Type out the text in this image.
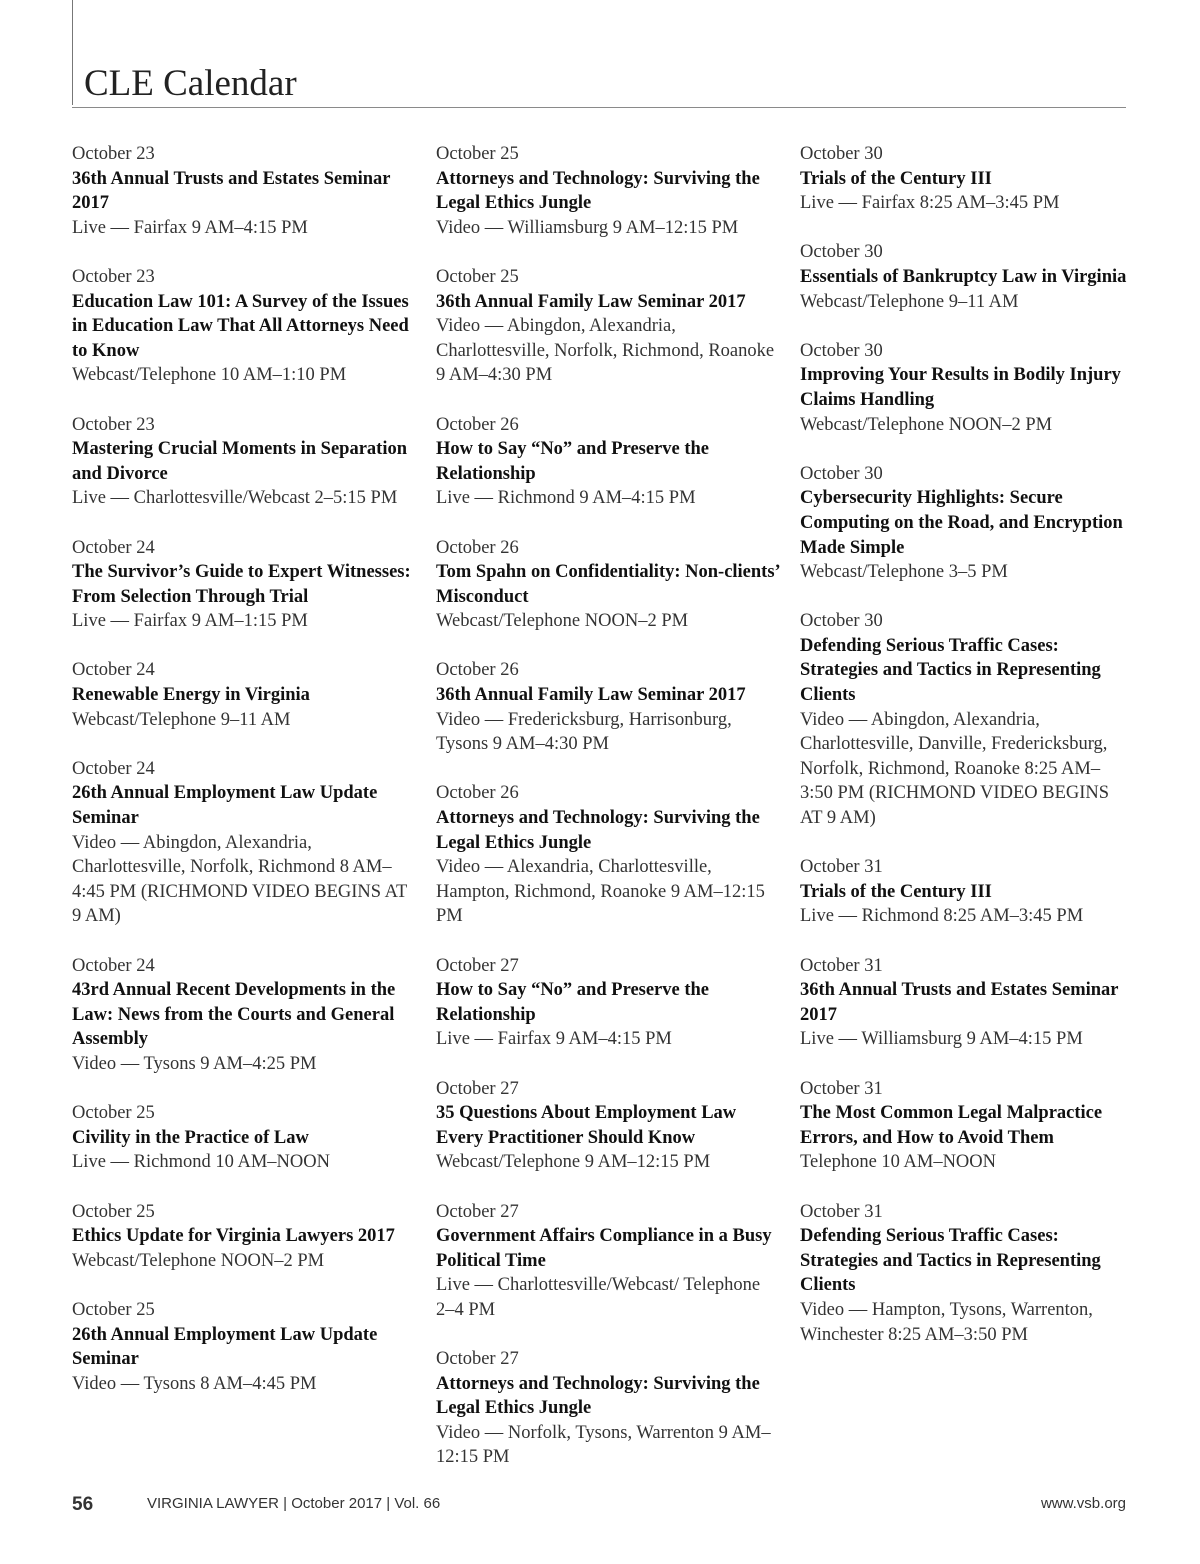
CLE Calendar
October 23
36th Annual Trusts and Estates Seminar 2017
Live — Fairfax 9 AM–4:15 PM
October 23
Education Law 101: A Survey of the Issues in Education Law That All Attorneys Need to Know
Webcast/Telephone 10 AM–1:10 PM
October 23
Mastering Crucial Moments in Separation and Divorce
Live — Charlottesville/Webcast 2–5:15 PM
October 24
The Survivor’s Guide to Expert Witnesses: From Selection Through Trial
Live — Fairfax 9 AM–1:15 PM
October 24
Renewable Energy in Virginia
Webcast/Telephone 9–11 AM
October 24
26th Annual Employment Law Update Seminar
Video — Abingdon, Alexandria, Charlottesville, Norfolk, Richmond 8 AM–4:45 PM (RICHMOND VIDEO BEGINS AT 9 AM)
October 24
43rd Annual Recent Developments in the Law: News from the Courts and General Assembly
Video — Tysons 9 AM–4:25 PM
October 25
Civility in the Practice of Law
Live — Richmond 10 AM–NOON
October 25
Ethics Update for Virginia Lawyers 2017
Webcast/Telephone NOON–2 PM
October 25
26th Annual Employment Law Update Seminar
Video — Tysons 8 AM–4:45 PM
October 25
Attorneys and Technology: Surviving the Legal Ethics Jungle
Video — Williamsburg 9 AM–12:15 PM
October 25
36th Annual Family Law Seminar 2017
Video — Abingdon, Alexandria, Charlottesville, Norfolk, Richmond, Roanoke 9 AM–4:30 PM
October 26
How to Say “No” and Preserve the Relationship
Live — Richmond 9 AM–4:15 PM
October 26
Tom Spahn on Confidentiality: Non-clients’ Misconduct
Webcast/Telephone NOON–2 PM
October 26
36th Annual Family Law Seminar 2017
Video — Fredericksburg, Harrisonburg, Tysons 9 AM–4:30 PM
October 26
Attorneys and Technology: Surviving the Legal Ethics Jungle
Video — Alexandria, Charlottesville, Hampton, Richmond, Roanoke 9 AM–12:15 PM
October 27
How to Say “No” and Preserve the Relationship
Live — Fairfax 9 AM–4:15 PM
October 27
35 Questions About Employment Law Every Practitioner Should Know
Webcast/Telephone 9 AM–12:15 PM
October 27
Government Affairs Compliance in a Busy Political Time
Live — Charlottesville/Webcast/ Telephone 2–4 PM
October 27
Attorneys and Technology: Surviving the Legal Ethics Jungle
Video — Norfolk, Tysons, Warrenton 9 AM–12:15 PM
October 30
Trials of the Century III
Live — Fairfax 8:25 AM–3:45 PM
October 30
Essentials of Bankruptcy Law in Virginia
Webcast/Telephone 9–11 AM
October 30
Improving Your Results in Bodily Injury Claims Handling
Webcast/Telephone NOON–2 PM
October 30
Cybersecurity Highlights: Secure Computing on the Road, and Encryption Made Simple
Webcast/Telephone 3–5 PM
October 30
Defending Serious Traffic Cases: Strategies and Tactics in Representing Clients
Video — Abingdon, Alexandria, Charlottesville, Danville, Fredericksburg, Norfolk, Richmond, Roanoke 8:25 AM–3:50 PM (RICHMOND VIDEO BEGINS AT 9 AM)
October 31
Trials of the Century III
Live — Richmond 8:25 AM–3:45 PM
October 31
36th Annual Trusts and Estates Seminar 2017
Live — Williamsburg 9 AM–4:15 PM
October 31
The Most Common Legal Malpractice Errors, and How to Avoid Them
Telephone 10 AM–NOON
October 31
Defending Serious Traffic Cases: Strategies and Tactics in Representing Clients
Video — Hampton, Tysons, Warrenton, Winchester 8:25 AM–3:50 PM
56	VIRGINIA LAWYER | October 2017 | Vol. 66	www.vsb.org
